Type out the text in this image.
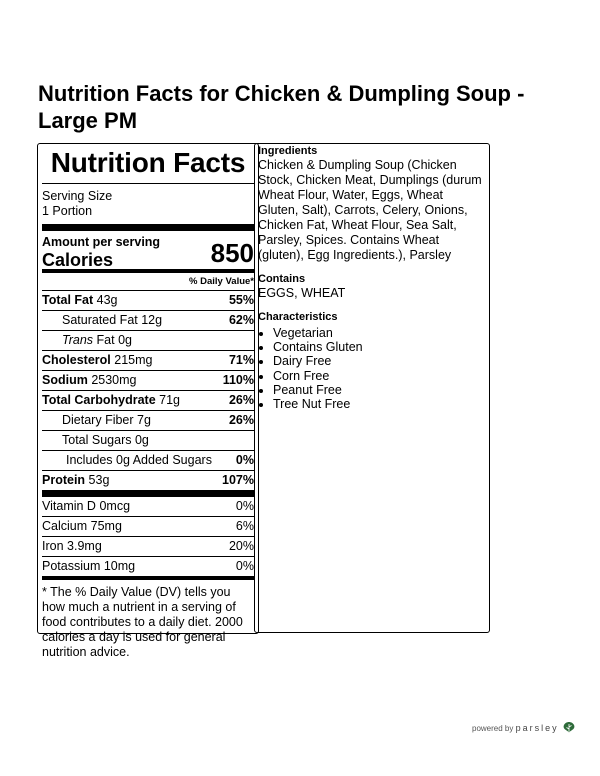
Nutrition Facts for Chicken & Dumpling Soup - Large PM
Nutrition Facts
Serving Size
1 Portion
Amount per serving
Calories	850
% Daily Value*
Total Fat 43g	55%
Saturated Fat 12g	62%
Trans Fat 0g
Cholesterol 215mg	71%
Sodium 2530mg	110%
Total Carbohydrate 71g	26%
Dietary Fiber 7g	26%
Total Sugars 0g
Includes 0g Added Sugars 0%
Protein 53g	107%
Vitamin D 0mcg	0%
Calcium 75mg	6%
Iron 3.9mg	20%
Potassium 10mg	0%
* The % Daily Value (DV) tells you how much a nutrient in a serving of food contributes to a daily diet. 2000 calories a day is used for general nutrition advice.
Ingredients
Chicken & Dumpling Soup (Chicken Stock, Chicken Meat, Dumplings (durum Wheat Flour, Water, Eggs, Wheat Gluten, Salt), Carrots, Celery, Onions, Chicken Fat, Wheat Flour, Sea Salt, Parsley, Spices. Contains Wheat (gluten), Egg Ingredients.), Parsley
Contains
EGGS, WHEAT
Characteristics
• Vegetarian
• Contains Gluten
• Dairy Free
• Corn Free
• Peanut Free
• Tree Nut Free
powered by parsley
